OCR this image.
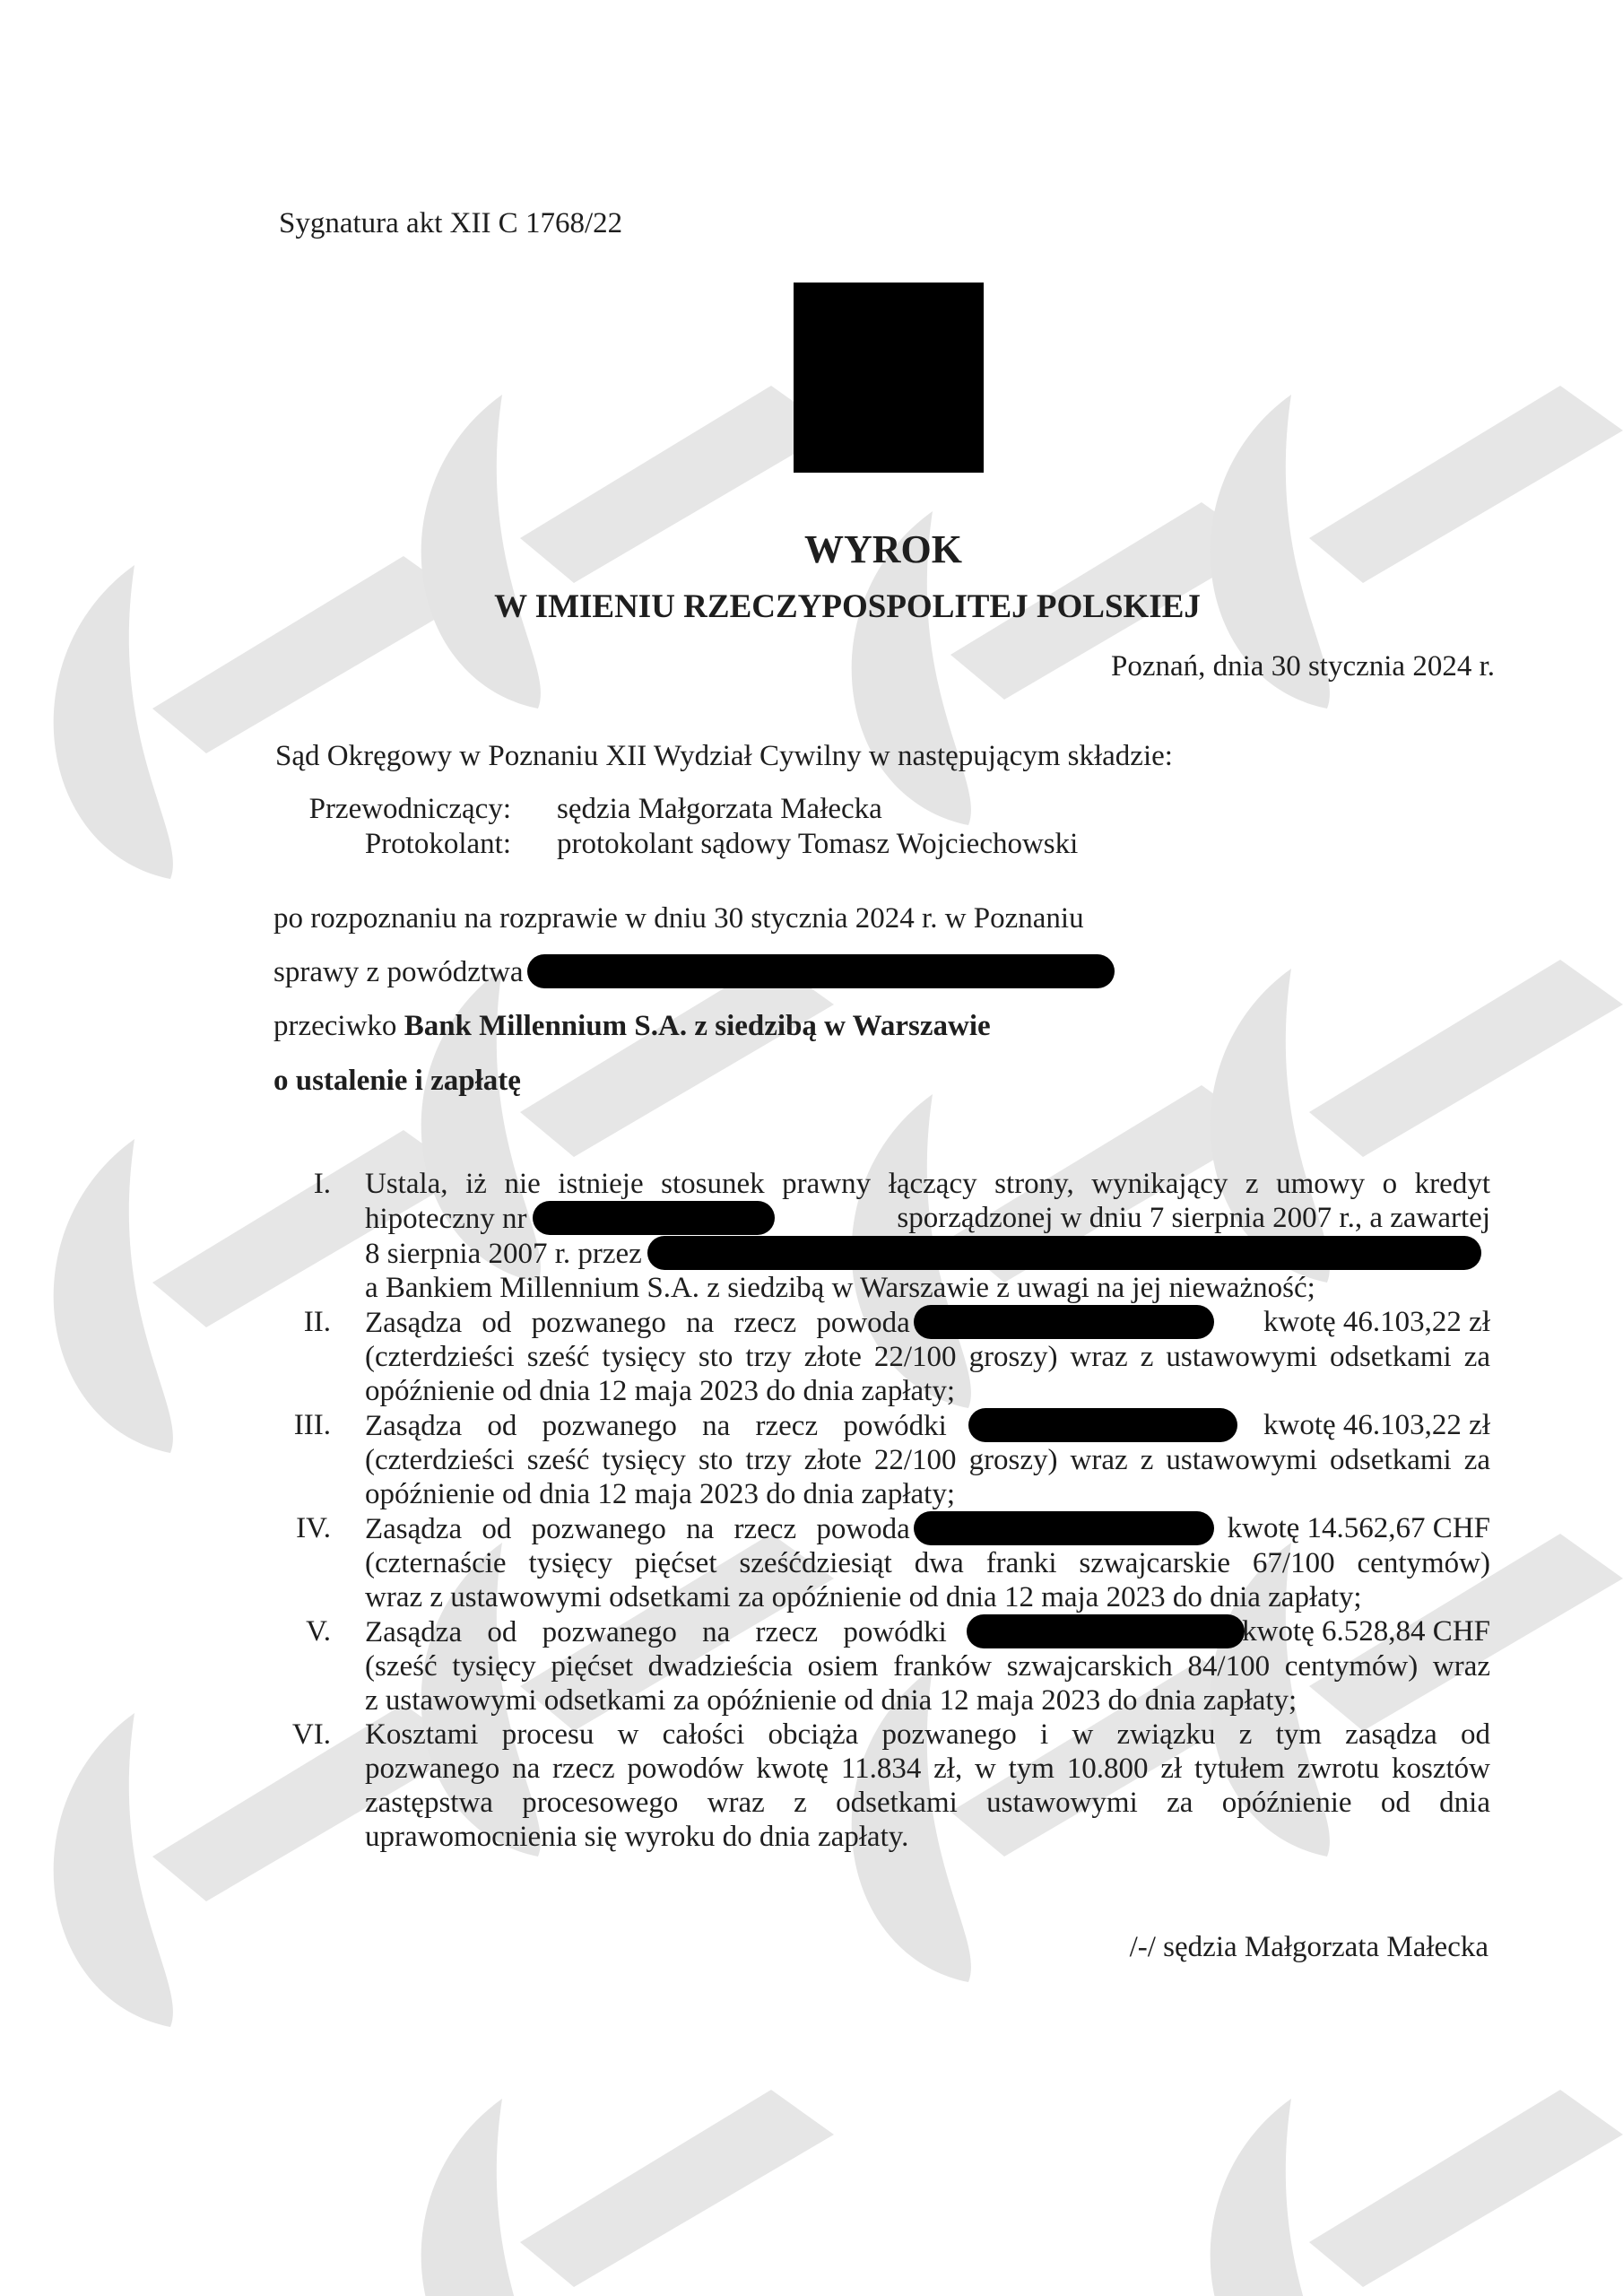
Sygnatura akt XII C 1768/22
WYROK
W IMIENIU RZECZYPOSPOLITEJ POLSKIEJ
Poznań, dnia 30 stycznia 2024 r.
Sąd Okręgowy w Poznaniu XII Wydział Cywilny w następującym składzie:
Przewodniczący: sędzia Małgorzata Małecka
Protokolant: protokolant sądowy Tomasz Wojciechowski
po rozpoznaniu na rozprawie w dniu 30 stycznia 2024 r. w Poznaniu
sprawy z powództwa
przeciwko Bank Millennium S.A. z siedzibą w Warszawie
o ustalenie i zapłatę
I. Ustala, iż nie istnieje stosunek prawny łączący strony, wynikający z umowy o kredyt
hipoteczny nr	sporządzonej w dniu 7 sierpnia 2007 r., a zawartej
8 sierpnia 2007 r. przez
a Bankiem Millennium S.A. z siedzibą w Warszawie z uwagi na jej nieważność;
II. Zasądza od pozwanego na rzecz powoda	kwotę 46.103,22 zł
(czterdzieści sześć tysięcy sto trzy złote 22/100 groszy) wraz z ustawowymi odsetkami za
opóźnienie od dnia 12 maja 2023 do dnia zapłaty;
III. Zasądza od pozwanego na rzecz powódki	kwotę 46.103,22 zł
(czterdzieści sześć tysięcy sto trzy złote 22/100 groszy) wraz z ustawowymi odsetkami za
opóźnienie od dnia 12 maja 2023 do dnia zapłaty;
IV. Zasądza od pozwanego na rzecz powoda	kwotę 14.562,67 CHF
(czternaście tysięcy pięćset sześćdziesiąt dwa franki szwajcarskie 67/100 centymów)
wraz z ustawowymi odsetkami za opóźnienie od dnia 12 maja 2023 do dnia zapłaty;
V. Zasądza od pozwanego na rzecz powódki	kwotę 6.528,84 CHF
(sześć tysięcy pięćset dwadzieścia osiem franków szwajcarskich 84/100 centymów) wraz
z ustawowymi odsetkami za opóźnienie od dnia 12 maja 2023 do dnia zapłaty;
VI. Kosztami procesu w całości obciąża pozwanego i w związku z tym zasądza od
pozwanego na rzecz powodów kwotę 11.834 zł, w tym 10.800 zł tytułem zwrotu kosztów
zastępstwa procesowego wraz z odsetkami ustawowymi za opóźnienie od dnia
uprawomocnienia się wyroku do dnia zapłaty.
/-/ sędzia Małgorzata Małecka
